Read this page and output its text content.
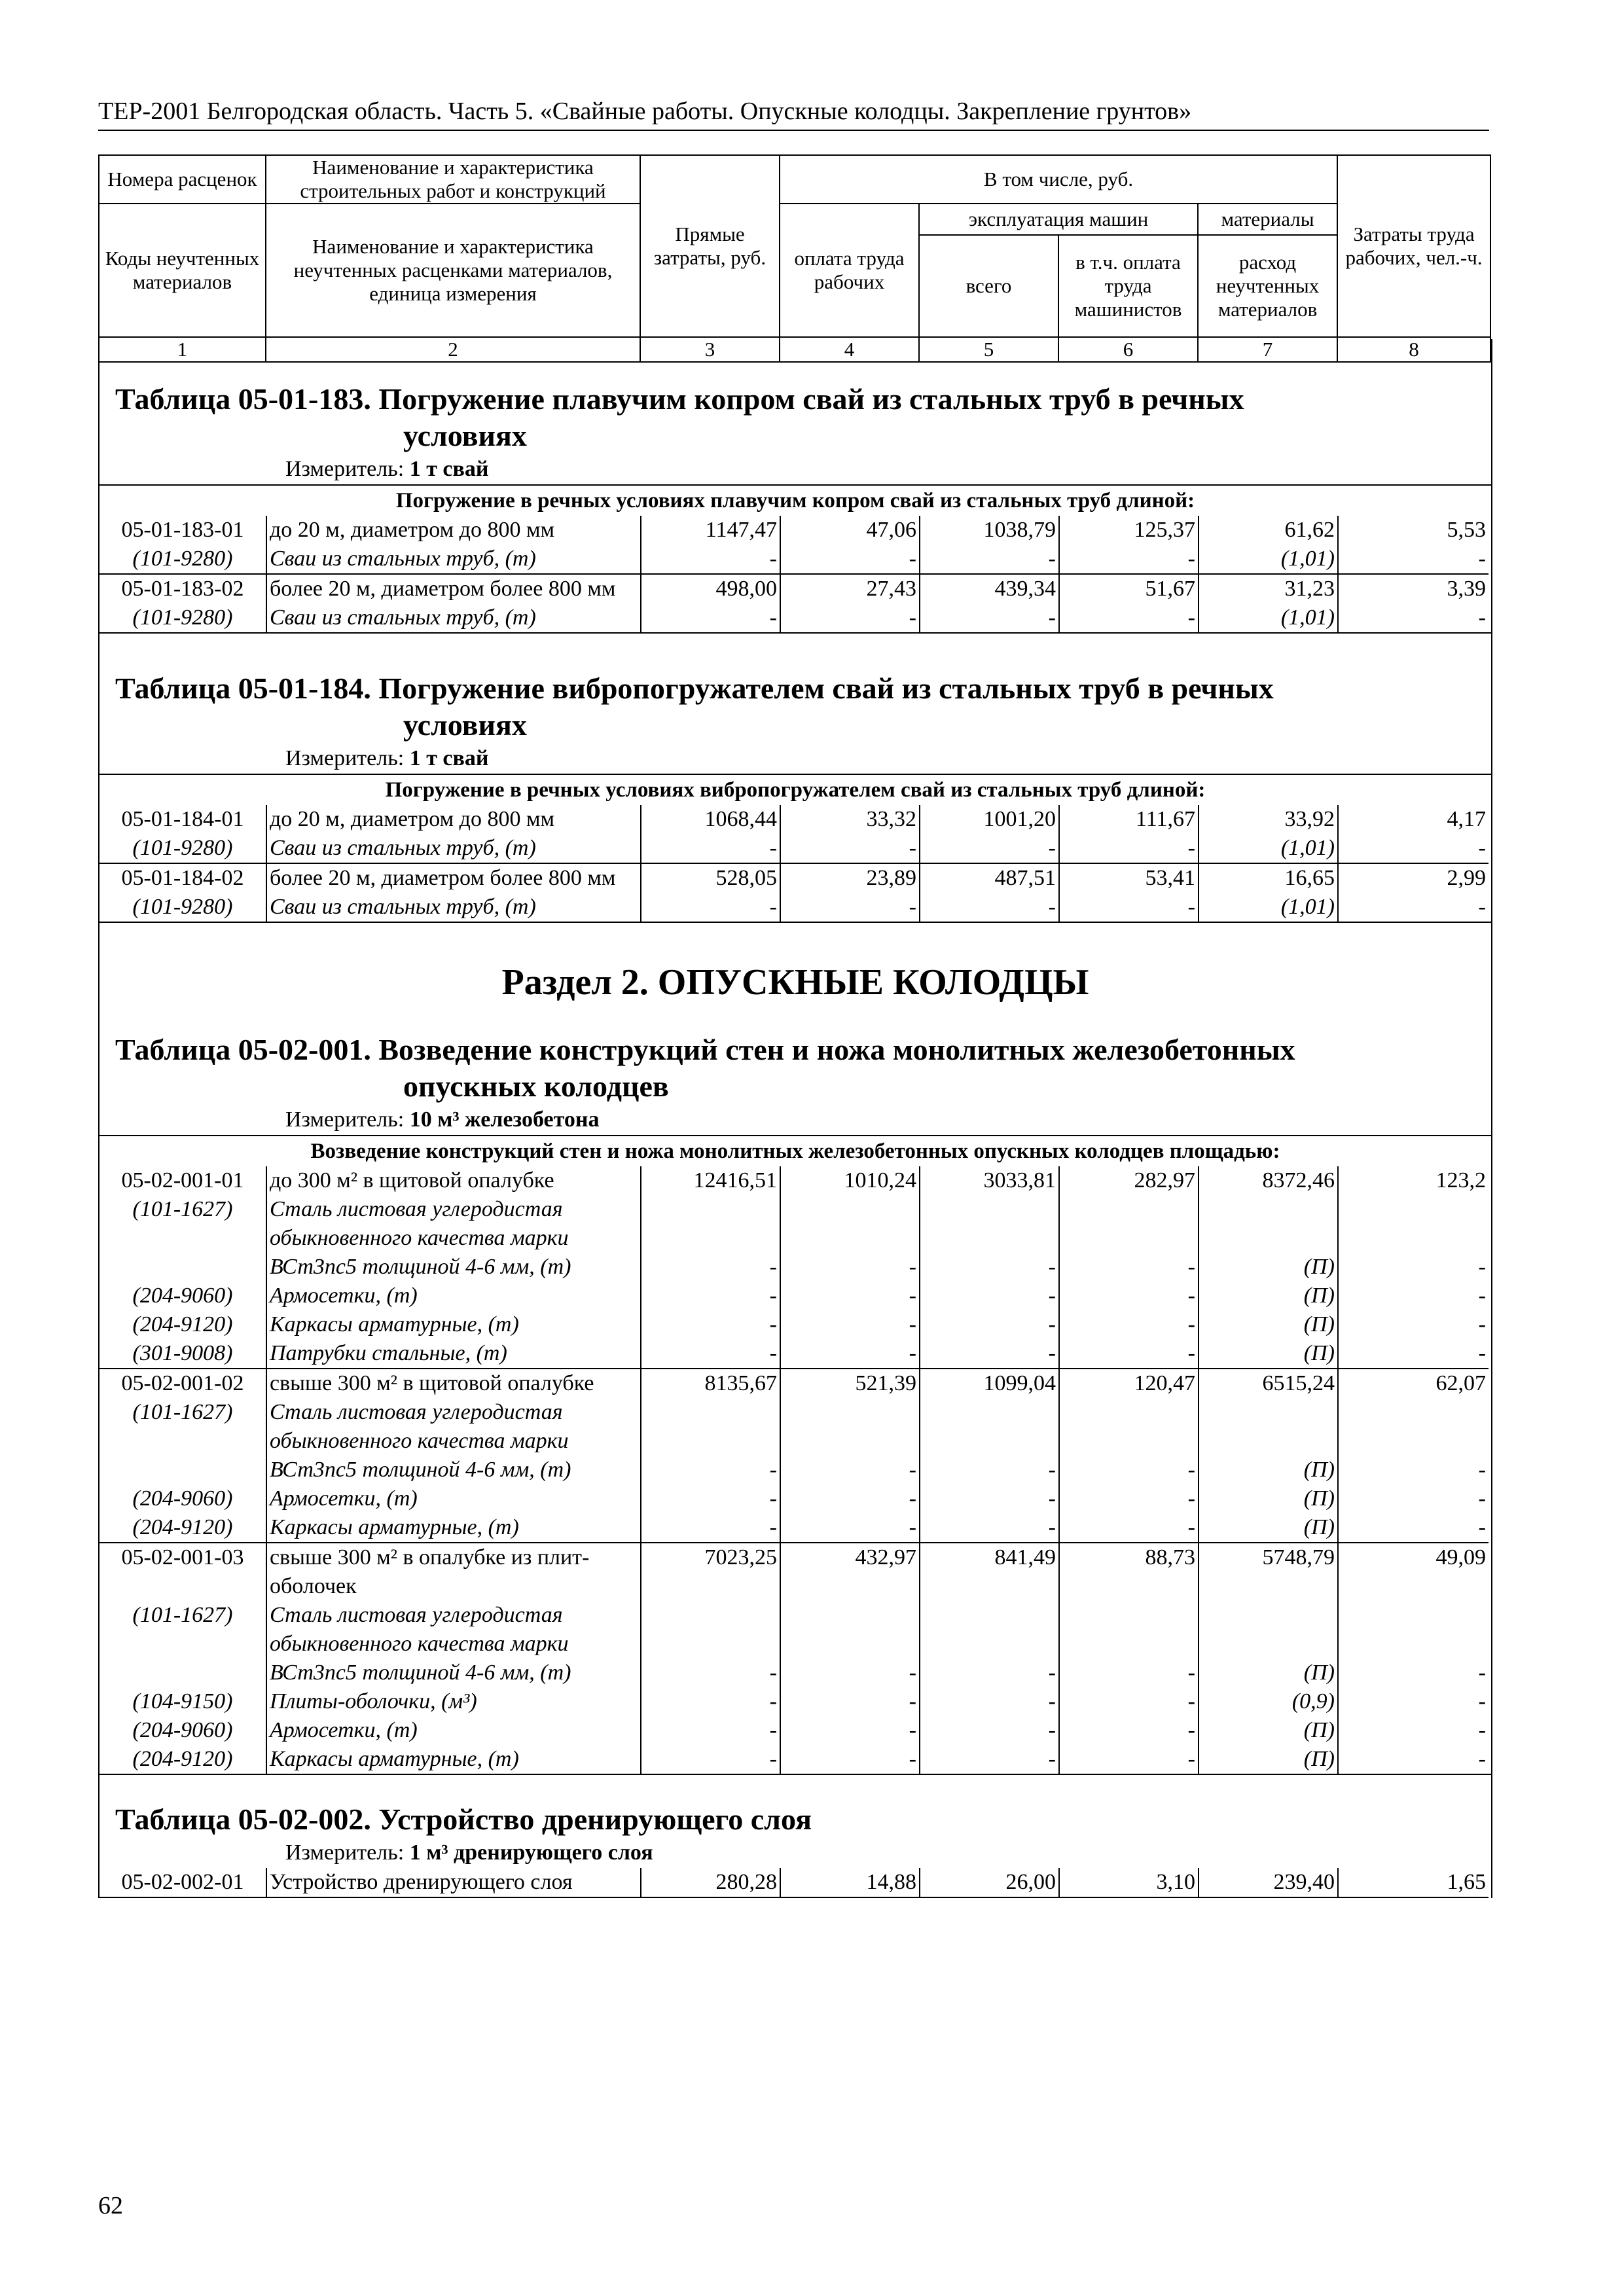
ТЕР-2001 Белгородская область. Часть 5. «Свайные работы. Опускные колодцы. Закрепление грунтов»
Номера расценок	Наименование и характеристика строительных работ и конструкций	Прямые затраты, руб.	В том числе, руб.				Затраты труда рабочих, чел.-ч.
Коды неучтенных материалов	Наименование и характеристика неучтенных расценками материалов, единица измерения		оплата труда рабочих	эксплуатация машин		материалы	
				всего	в т.ч. оплата труда машинистов	расход неучтенных материалов	
1	2	3	4	5	6	7	8
Таблица 05-01-183. Погружение плавучим копром свай из стальных труб в речных
условиях
Измеритель: 1 т свай
Погружение в речных условиях плавучим копром свай из стальных труб длиной:
05-01-183-01	до 20 м, диаметром до 800 мм	1147,47	47,06	1038,79	125,37	61,62	5,53
(101-9280)	Сваи из стальных труб, (т)	-	-	-	-	(1,01)	-
05-01-183-02	более 20 м, диаметром более 800 мм	498,00	27,43	439,34	51,67	31,23	3,39
(101-9280)	Сваи из стальных труб, (т)	-	-	-	-	(1,01)	-
Таблица 05-01-184. Погружение вибропогружателем свай из стальных труб в речных
условиях
Измеритель: 1 т свай
Погружение в речных условиях вибропогружателем свай из стальных труб длиной:
05-01-184-01	до 20 м, диаметром до 800 мм	1068,44	33,32	1001,20	111,67	33,92	4,17
(101-9280)	Сваи из стальных труб, (т)	-	-	-	-	(1,01)	-
05-01-184-02	более 20 м, диаметром более 800 мм	528,05	23,89	487,51	53,41	16,65	2,99
(101-9280)	Сваи из стальных труб, (т)	-	-	-	-	(1,01)	-
Раздел 2. ОПУСКНЫЕ КОЛОДЦЫ
Таблица 05-02-001. Возведение конструкций стен и ножа монолитных железобетонных
опускных колодцев
Измеритель: 10 м³ железобетона
Возведение конструкций стен и ножа монолитных железобетонных опускных колодцев площадью:
05-02-001-01	до 300 м² в щитовой опалубке	12416,51	1010,24	3033,81	282,97	8372,46	123,2
(101-1627)	Сталь листовая углеродистая обыкновенного качества марки ВСт3пс5 толщиной 4-6 мм, (т)	-	-	-	-	(П)	-
(204-9060)	Армосетки, (т)	-	-	-	-	(П)	-
(204-9120)	Каркасы арматурные, (т)	-	-	-	-	(П)	-
(301-9008)	Патрубки стальные, (т)	-	-	-	-	(П)	-
05-02-001-02	свыше 300 м² в щитовой опалубке	8135,67	521,39	1099,04	120,47	6515,24	62,07
(101-1627)	Сталь листовая углеродистая обыкновенного качества марки ВСт3пс5 толщиной 4-6 мм, (т)	-	-	-	-	(П)	-
(204-9060)	Армосетки, (т)	-	-	-	-	(П)	-
(204-9120)	Каркасы арматурные, (т)	-	-	-	-	(П)	-
05-02-001-03	свыше 300 м² в опалубке из плит-оболочек	7023,25	432,97	841,49	88,73	5748,79	49,09
(101-1627)	Сталь листовая углеродистая обыкновенного качества марки ВСт3пс5 толщиной 4-6 мм, (т)	-	-	-	-	(П)	-
(104-9150)	Плиты-оболочки, (м³)	-	-	-	-	(0,9)	-
(204-9060)	Армосетки, (т)	-	-	-	-	(П)	-
(204-9120)	Каркасы арматурные, (т)	-	-	-	-	(П)	-
Таблица 05-02-002. Устройство дренирующего слоя
Измеритель: 1 м³ дренирующего слоя
05-02-002-01	Устройство дренирующего слоя	280,28	14,88	26,00	3,10	239,40	1,65
62
